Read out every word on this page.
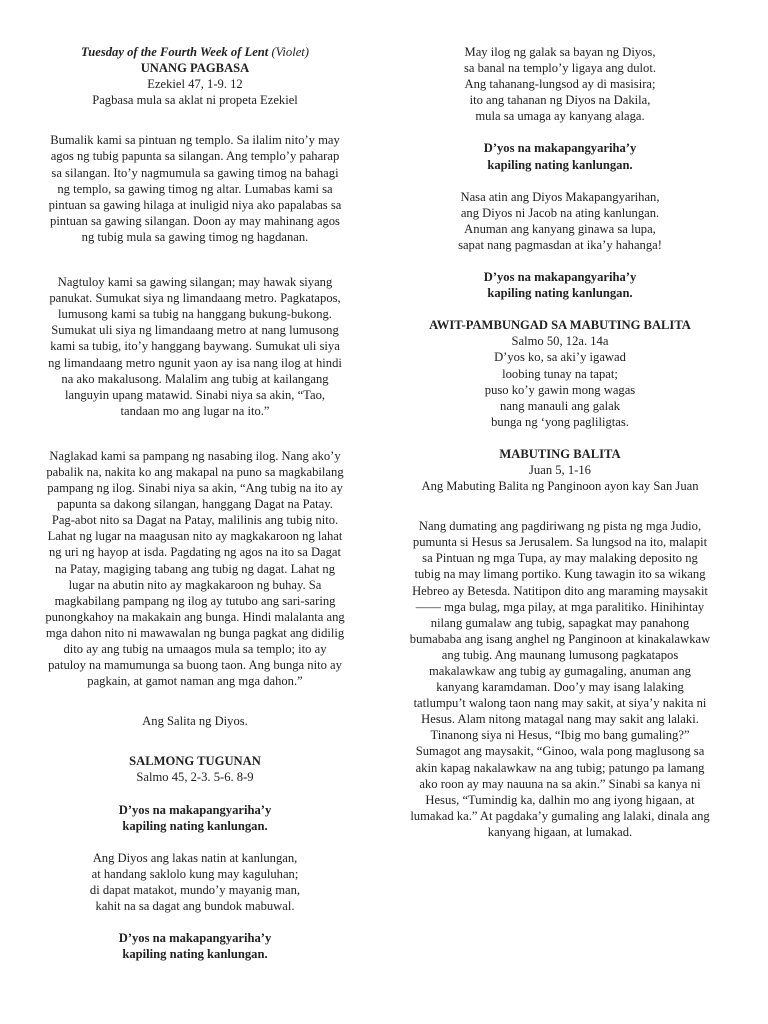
Tuesday of the Fourth Week of Lent (Violet)
UNANG PAGBASA
Ezekiel 47, 1-9. 12
Pagbasa mula sa aklat ni propeta Ezekiel
Bumalik kami sa pintuan ng templo. Sa ilalim nito’y may
agos ng tubig papunta sa silangan. Ang templo’y paharap
sa silangan. Ito’y nagmumula sa gawing timog na bahagi
ng templo, sa gawing timog ng altar. Lumabas kami sa
pintuan sa gawing hilaga at inuligid niya ako papalabas sa
pintuan sa gawing silangan. Doon ay may mahinang agos
ng tubig mula sa gawing timog ng hagdanan.
Nagtuloy kami sa gawing silangan; may hawak siyang
panukat. Sumukat siya ng limandaang metro. Pagkatapos,
lumusong kami sa tubig na hanggang bukung-bukong.
Sumukat uli siya ng limandaang metro at nang lumusong
kami sa tubig, ito’y hanggang baywang. Sumukat uli siya
ng limandaang metro ngunit yaon ay isa nang ilog at hindi
na ako makalusong. Malalim ang tubig at kailangang
languyin upang matawid. Sinabi niya sa akin, “Tao,
tandaan mo ang lugar na ito.”
Naglakad kami sa pampang ng nasabing ilog. Nang ako’y
pabalik na, nakita ko ang makapal na puno sa magkabilang
pampang ng ilog. Sinabi niya sa akin, “Ang tubig na ito ay
papunta sa dakong silangan, hanggang Dagat na Patay.
Pag-abot nito sa Dagat na Patay, malilinis ang tubig nito.
Lahat ng lugar na maagusan nito ay magkakaroon ng lahat
ng uri ng hayop at isda. Pagdating ng agos na ito sa Dagat
na Patay, magiging tabang ang tubig ng dagat. Lahat ng
lugar na abutin nito ay magkakaroon ng buhay. Sa
magkabilang pampang ng ilog ay tutubo ang sari-saring
punongkahoy na makakain ang bunga. Hindi malalanta ang
mga dahon nito ni mawawalan ng bunga pagkat ang didilig
dito ay ang tubig na umaagos mula sa templo; ito ay
patuloy na mamumunga sa buong taon. Ang bunga nito ay
pagkain, at gamot naman ang mga dahon.”
Ang Salita ng Diyos.
SALMONG TUGUNAN
Salmo 45, 2-3. 5-6. 8-9
D’yos na makapangyariha’y
kapiling nating kanlungan.
Ang Diyos ang lakas natin at kanlungan,
at handang saklolo kung may kaguluhan;
di dapat matakot, mundo’y mayanig man,
kahit na sa dagat ang bundok mabuwal.
D’yos na makapangyariha’y
kapiling nating kanlungan.
May ilog ng galak sa bayan ng Diyos,
sa banal na templo’y ligaya ang dulot.
Ang tahanang-lungsod ay di masisira;
ito ang tahanan ng Diyos na Dakila,
mula sa umaga ay kanyang alaga.
D’yos na makapangyariha’y
kapiling nating kanlungan.
Nasa atin ang Diyos Makapangyarihan,
ang Diyos ni Jacob na ating kanlungan.
Anuman ang kanyang ginawa sa lupa,
sapat nang pagmasdan at ika’y hahanga!
D’yos na makapangyariha’y
kapiling nating kanlungan.
AWIT-PAMBUNGAD SA MABUTING BALITA
Salmo 50, 12a. 14a
D’yos ko, sa aki’y igawad
loobing tunay na tapat;
puso ko’y gawin mong wagas
nang manauli ang galak
bunga ng ‘yong pagliligtas.
MABUTING BALITA
Juan 5, 1-16
Ang Mabuting Balita ng Panginoon ayon kay San Juan
Nang dumating ang pagdiriwang ng pista ng mga Judio,
pumunta si Hesus sa Jerusalem. Sa lungsod na ito, malapit
sa Pintuan ng mga Tupa, ay may malaking deposito ng
tubig na may limang portiko. Kung tawagin ito sa wikang
Hebreo ay Betesda. Natitipon dito ang maraming maysakit
—— mga bulag, mga pilay, at mga paralitiko. Hinihintay
nilang gumalaw ang tubig, sapagkat may panahong
bumababa ang isang anghel ng Panginoon at kinakalawkaw
ang tubig. Ang maunang lumusong pagkatapos
makalawkaw ang tubig ay gumagaling, anuman ang
kanyang karamdaman. Doo’y may isang lalaking
tatlumpu’t walong taon nang may sakit, at siya’y nakita ni
Hesus. Alam nitong matagal nang may sakit ang lalaki.
Tinanong siya ni Hesus, “Ibig mo bang gumaling?”
Sumagot ang maysakit, “Ginoo, wala pong maglusong sa
akin kapag nakalawkaw na ang tubig; patungo pa lamang
ako roon ay may nauuna na sa akin.” Sinabi sa kanya ni
Hesus, “Tumindig ka, dalhin mo ang iyong higaan, at
lumakad ka.” At pagdaka’y gumaling ang lalaki, dinala ang
kanyang higaan, at lumakad.
